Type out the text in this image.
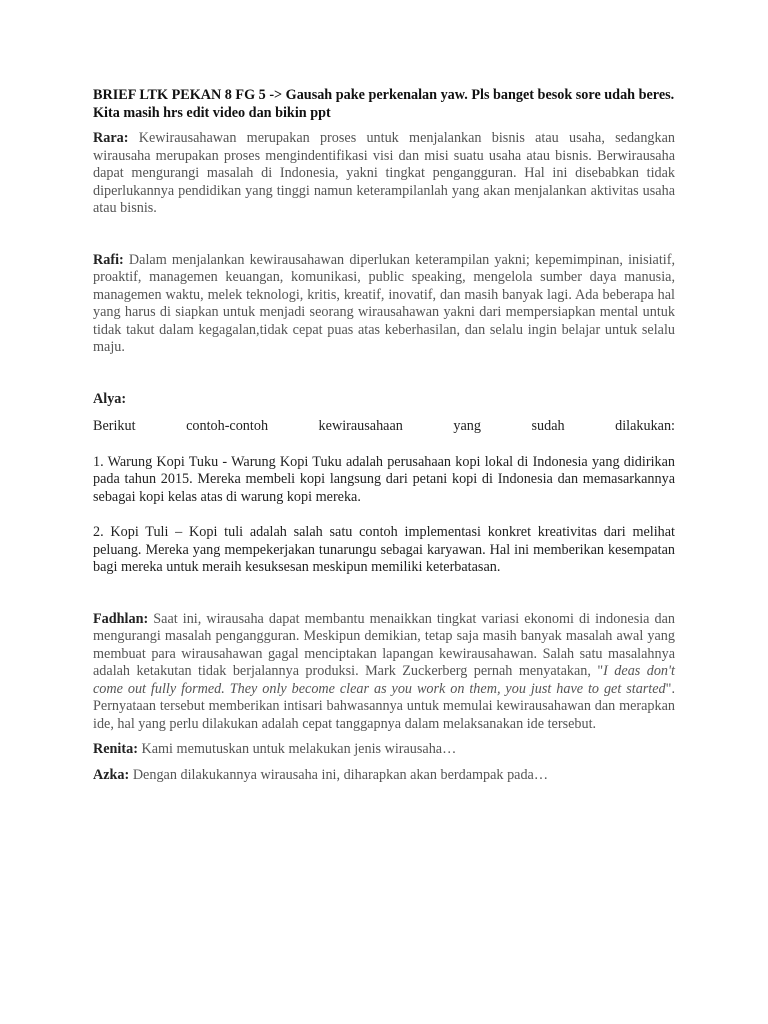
BRIEF LTK PEKAN 8 FG 5 -> Gausah pake perkenalan yaw. Pls banget besok sore udah beres. Kita masih hrs edit video dan bikin ppt

Rara: Kewirausahawan merupakan proses untuk menjalankan bisnis atau usaha, sedangkan wirausaha merupakan proses mengindentifikasi visi dan misi suatu usaha atau bisnis. Berwirausaha dapat mengurangi masalah di Indonesia, yakni tingkat pengangguran. Hal ini disebabkan tidak diperlukannya pendidikan yang tinggi namun keterampilanlah yang akan menjalankan aktivitas usaha atau bisnis.

Rafi: Dalam menjalankan kewirausahawan diperlukan keterampilan yakni; kepemimpinan, inisiatif, proaktif, managemen keuangan, komunikasi, public speaking, mengelola sumber daya manusia, managemen waktu, melek teknologi, kritis, kreatif, inovatif, dan masih banyak lagi. Ada beberapa hal yang harus di siapkan untuk menjadi seorang wirausahawan yakni dari mempersiapkan mental untuk tidak takut dalam kegagalan,tidak cepat puas atas keberhasilan, dan selalu ingin belajar untuk selalu maju.

Alya:

Berikut contoh-contoh kewirausahaan yang sudah dilakukan:

1. Warung Kopi Tuku - Warung Kopi Tuku adalah perusahaan kopi lokal di Indonesia yang didirikan pada tahun 2015. Mereka membeli kopi langsung dari petani kopi di Indonesia dan memasarkannya sebagai kopi kelas atas di warung kopi mereka.

2. Kopi Tuli – Kopi tuli adalah salah satu contoh implementasi konkret kreativitas dari melihat peluang. Mereka yang mempekerjakan tunarungu sebagai karyawan. Hal ini memberikan kesempatan bagi mereka untuk meraih kesuksesan meskipun memiliki keterbatasan.

Fadhlan: Saat ini, wirausaha dapat membantu menaikkan tingkat variasi ekonomi di indonesia dan mengurangi masalah pengangguran. Meskipun demikian, tetap saja masih banyak masalah awal yang membuat para wirausahawan gagal menciptakan lapangan kewirausahawan. Salah satu masalahnya adalah ketakutan tidak berjalannya produksi. Mark Zuckerberg pernah menyatakan, "I deas don't come out fully formed. They only become clear as you work on them, you just have to get started". Pernyataan tersebut memberikan intisari bahwasannya untuk memulai kewirausahawan dan merapkan ide, hal yang perlu dilakukan adalah cepat tanggapnya dalam melaksanakan ide tersebut.

Renita: Kami memutuskan untuk melakukan jenis wirausaha…

Azka: Dengan dilakukannya wirausaha ini, diharapkan akan berdampak pada…
